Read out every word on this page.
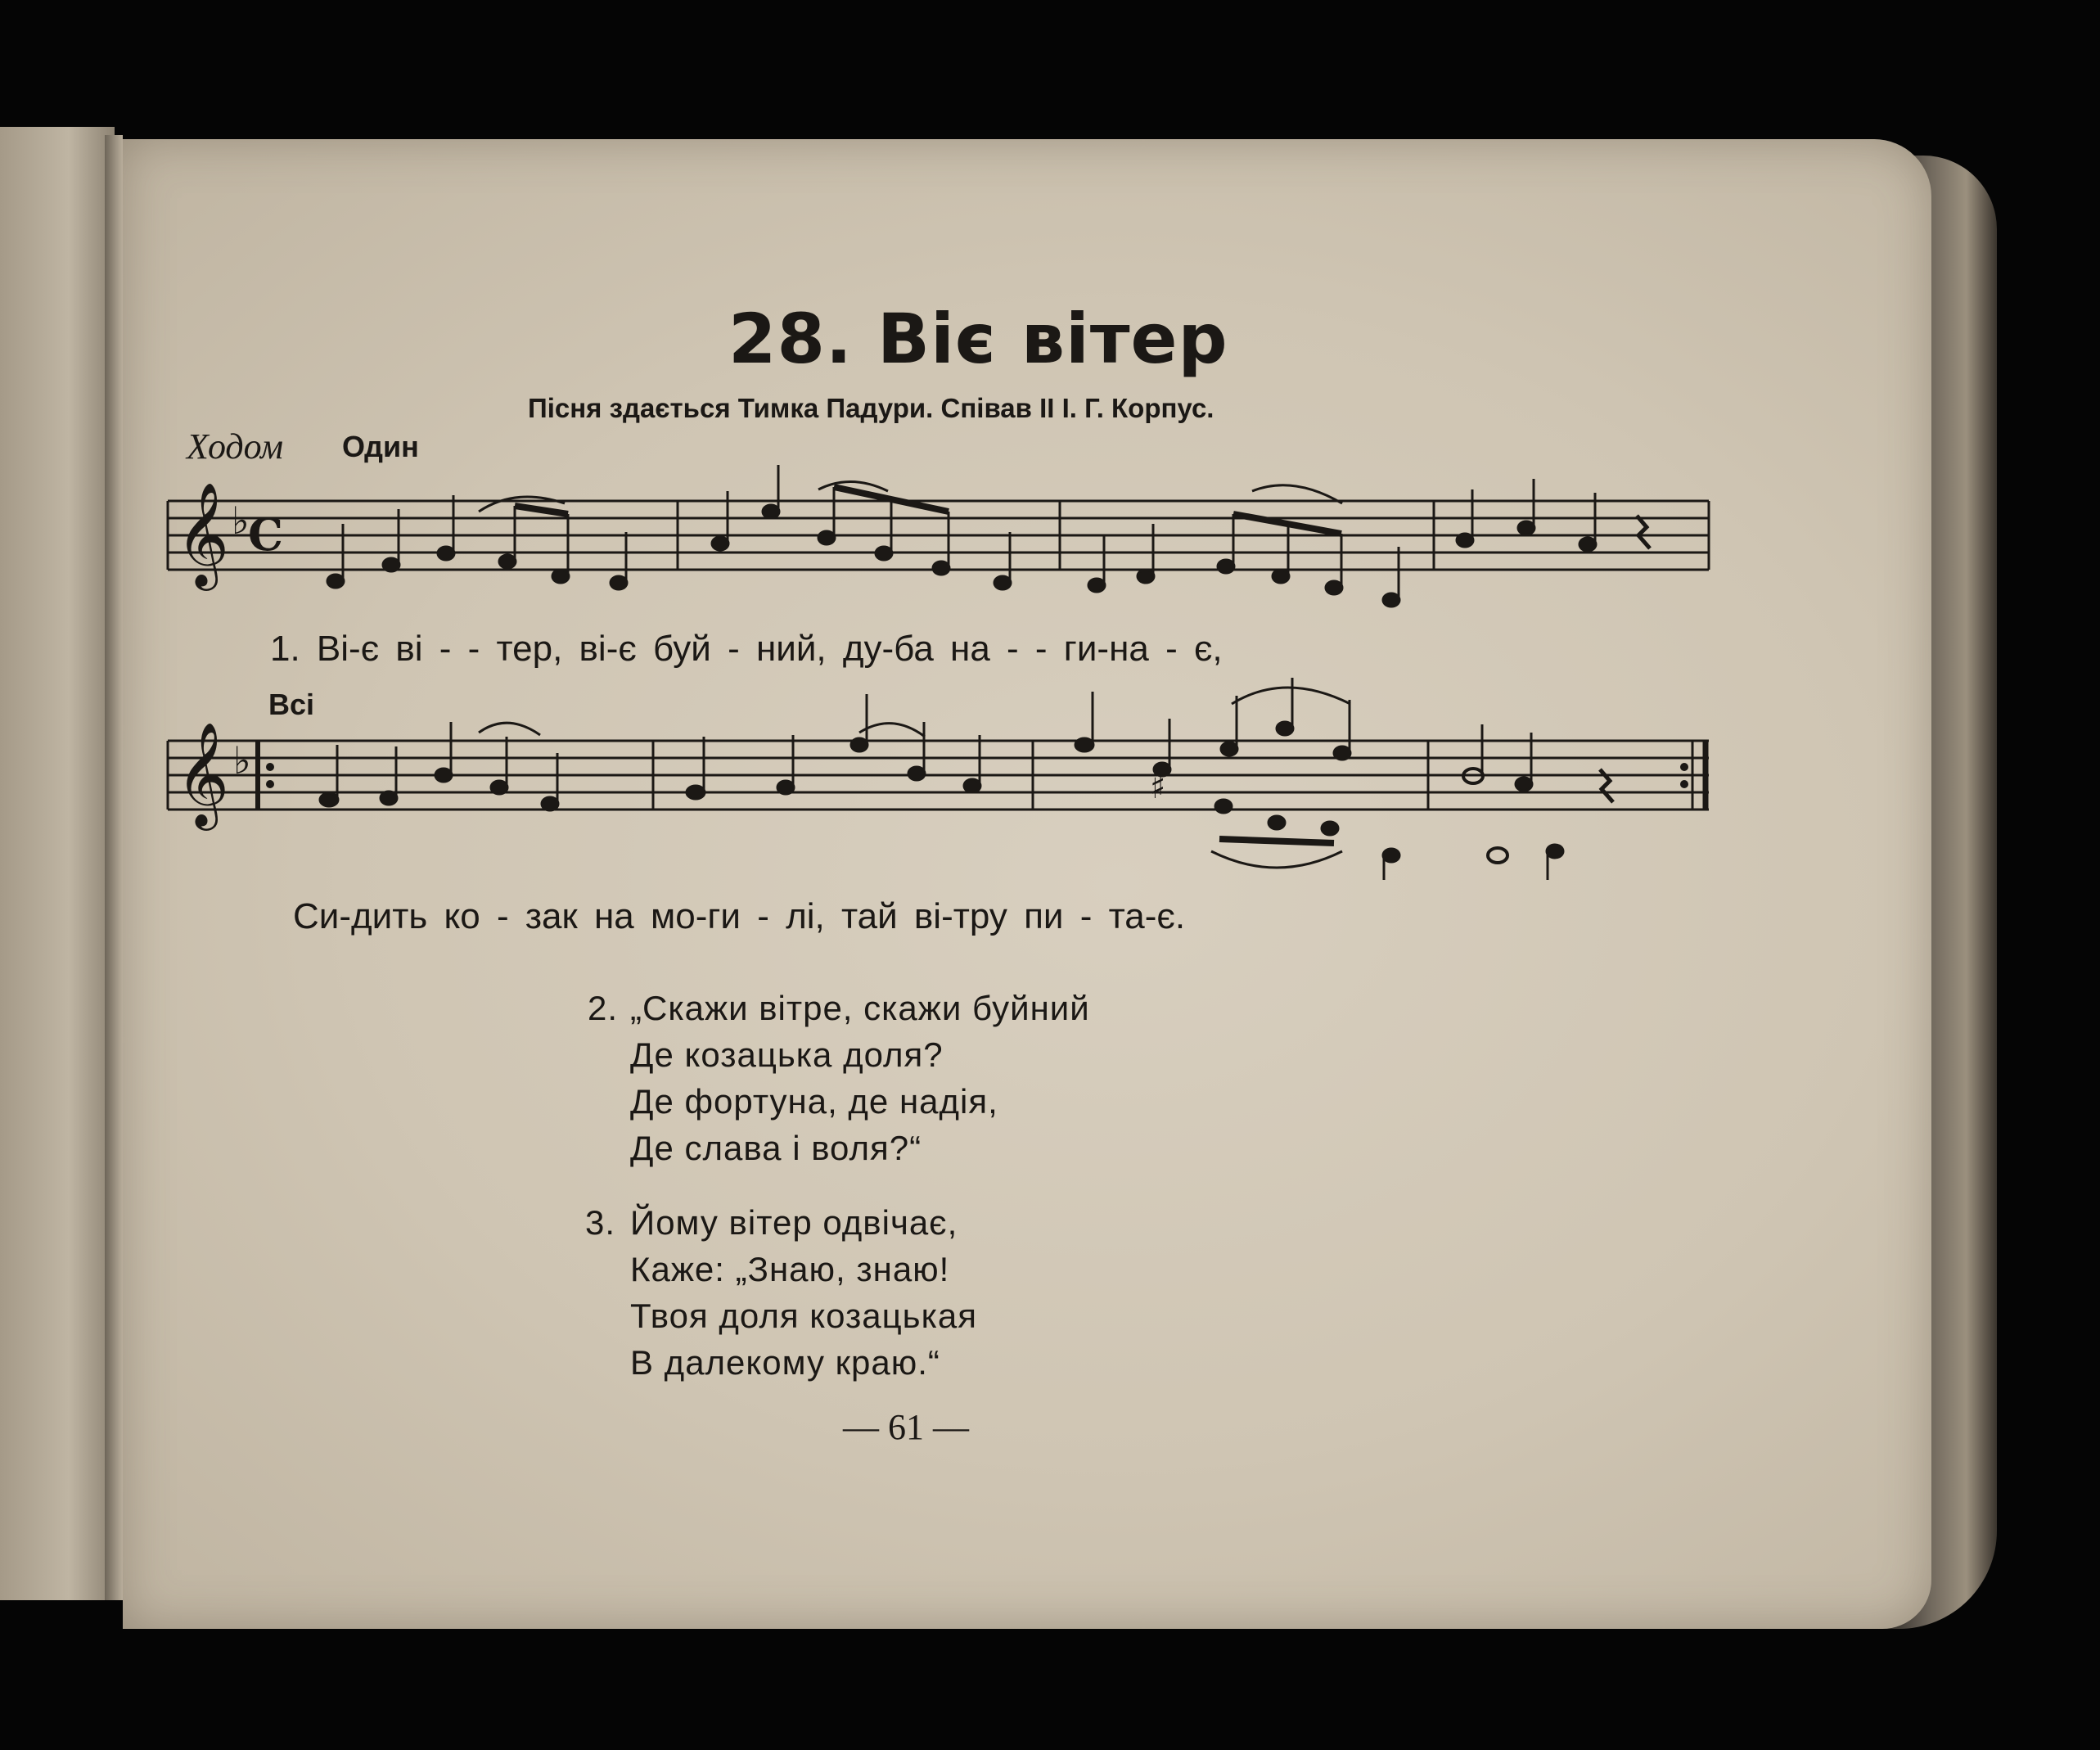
28. Віє вітер
Пісня здається Тимка Падури. Співав II І. Г. Корпус.
Ходом Один
Всі
𝄞 ♭
C
𝄞 ♭
♯
1. Ві-є ві - - тер, ві-є буй - ний, ду-ба на - - ги-на - є,
Си-дить ко - зак на мо-ги - лі, тай ві-тру пи - та-є.
2. „Скажи вітре, скажи буйний
Де козацька доля?
Де фортуна, де надія,
Де слава і воля?“
3. Йому вітер одвічає,
Каже: „Знаю, знаю!
Твоя доля козацькая
В далекому краю.“
— 61 —
